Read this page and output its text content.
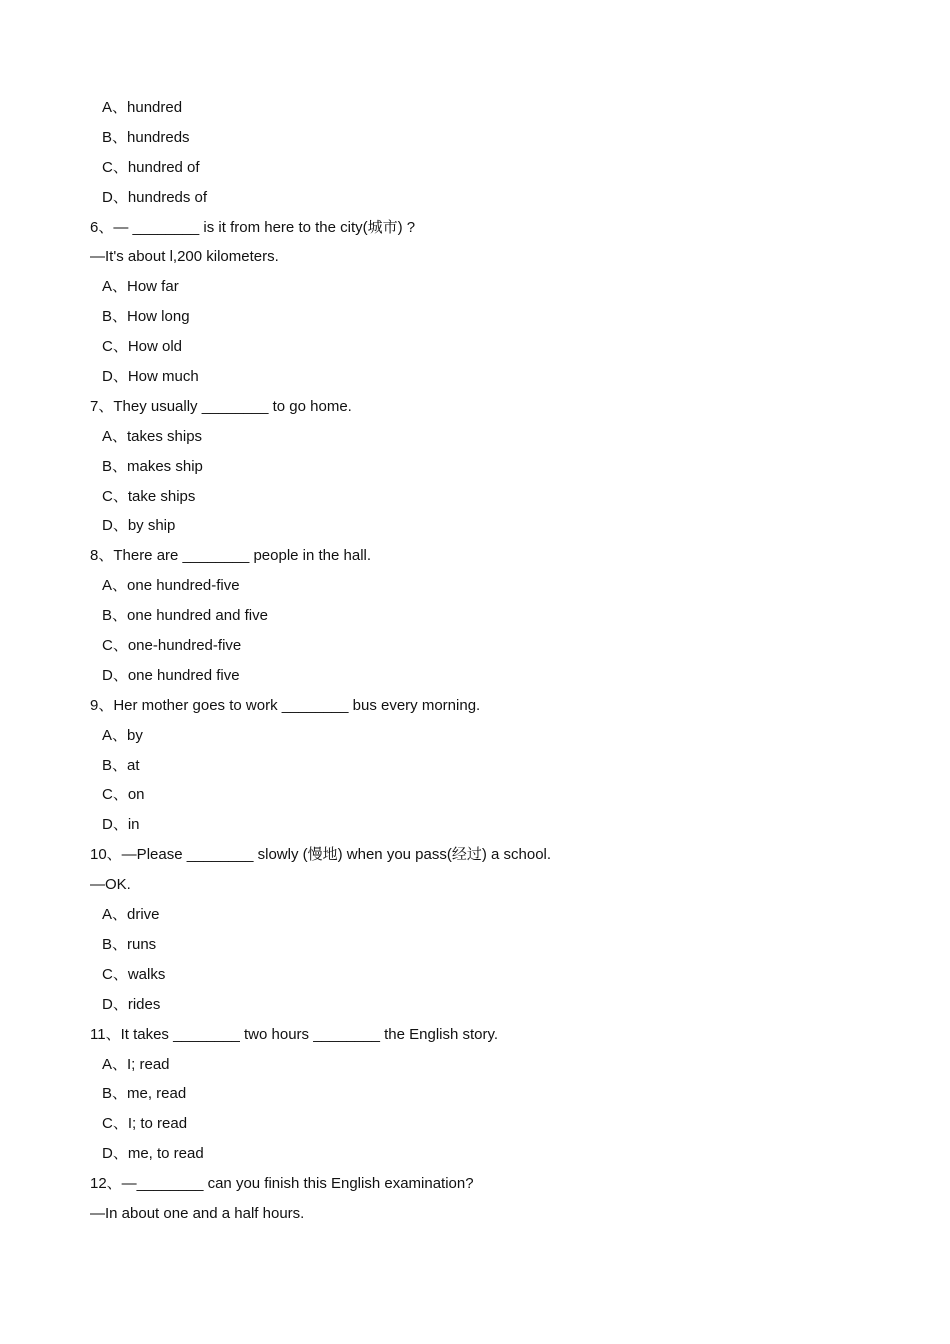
A、hundred
B、hundreds
C、hundred of
D、hundreds of
6、— ________ is it from here to the city(城市) ?
—It's about l,200 kilometers.
A、How far
B、How long
C、How old
D、How much
7、They usually ________ to go home.
A、takes ships
B、makes ship
C、take ships
D、by ship
8、There are ________ people in the hall.
A、one hundred-five
B、one hundred and five
C、one-hundred-five
D、one hundred five
9、Her mother goes to work ________ bus every morning.
A、by
B、at
C、on
D、in
10、—Please ________ slowly (慢地) when you pass(经过) a school.
—OK.
A、drive
B、runs
C、walks
D、rides
11、It takes ________ two hours ________ the English story.
A、I; read
B、me, read
C、I; to read
D、me, to read
12、—________ can you finish this English examination?
—In about one and a half hours.
